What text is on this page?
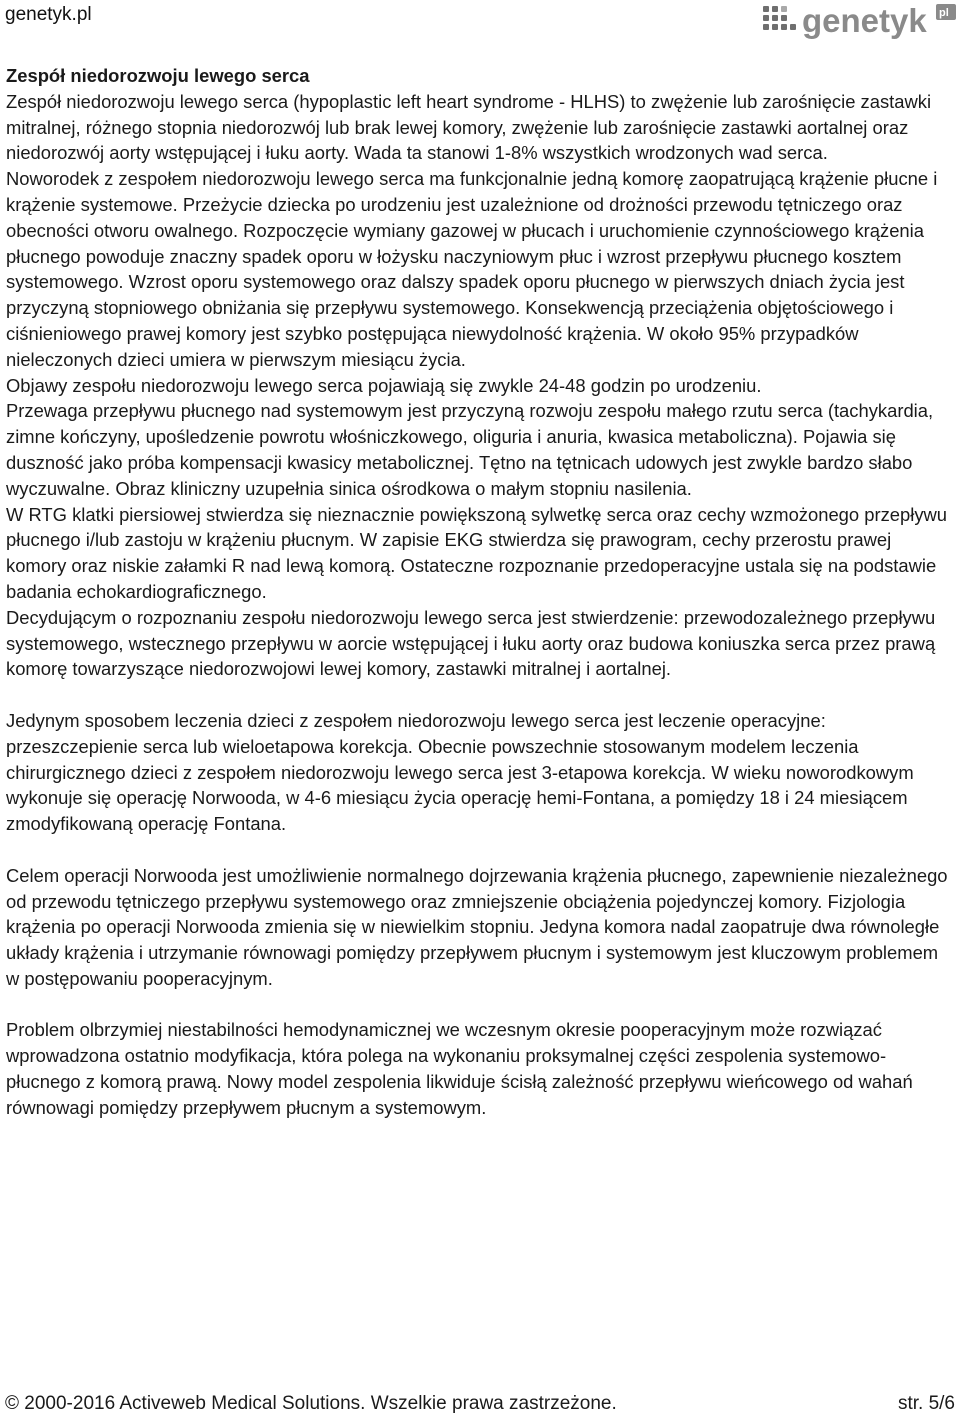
genetyk.pl	genetyk pl
Zespół niedorozwoju lewego serca

Zespół niedorozwoju lewego serca (hypoplastic left heart syndrome - HLHS) to zwężenie lub zarośnięcie zastawki mitralnej, różnego stopnia niedorozwój lub brak lewej komory, zwężenie lub zarośnięcie zastawki aortalnej oraz niedorozwój aorty wstępującej i łuku aorty. Wada ta stanowi 1-8% wszystkich wrodzonych wad serca.

Noworodek z zespołem niedorozwoju lewego serca ma funkcjonalnie jedną komorę zaopatrującą krążenie płucne i krążenie systemowe. Przeżycie dziecka po urodzeniu jest uzależnione od drożności przewodu tętniczego oraz obecności otworu owalnego. Rozpoczęcie wymiany gazowej w płucach i uruchomienie czynnościowego krążenia płucnego powoduje znaczny spadek oporu w łożysku naczyniowym płuc i wzrost przepływu płucnego kosztem systemowego. Wzrost oporu systemowego oraz dalszy spadek oporu płucnego w pierwszych dniach życia jest przyczyną stopniowego obniżania się przepływu systemowego. Konsekwencją przeciążenia objętościowego i ciśnieniowego prawej komory jest szybko postępująca niewydolność krążenia. W około 95% przypadków nieleczonych dzieci umiera w pierwszym miesiącu życia.

Objawy zespołu niedorozwoju lewego serca pojawiają się zwykle 24-48 godzin po urodzeniu.

Przewaga przepływu płucnego nad systemowym jest przyczyną rozwoju zespołu małego rzutu serca (tachykardia, zimne kończyny, upośledzenie powrotu włośniczkowego, oliguria i anuria, kwasica metaboliczna). Pojawia się duszność jako próba kompensacji kwasicy metabolicznej. Tętno na tętnicach udowych jest zwykle bardzo słabo wyczuwalne. Obraz kliniczny uzupełnia sinica ośrodkowa o małym stopniu nasilenia.

W RTG klatki piersiowej stwierdza się nieznacznie powiększoną sylwetkę serca oraz cechy wzmożonego przepływu płucnego i/lub zastoju w krążeniu płucnym. W zapisie EKG stwierdza się prawogram, cechy przerostu prawej komory oraz niskie załamki R nad lewą komorą. Ostateczne rozpoznanie przedoperacyjne ustala się na podstawie badania echokardiograficznego.

Decydującym o rozpoznaniu zespołu niedorozwoju lewego serca jest stwierdzenie: przewodozależnego przepływu systemowego, wstecznego przepływu w aorcie wstępującej i łuku aorty oraz budowa koniuszka serca przez prawą komorę towarzyszące niedorozwojowi lewej komory, zastawki mitralnej i aortalnej.

Jedynym sposobem leczenia dzieci z zespołem niedorozwoju lewego serca jest leczenie operacyjne: przeszczepienie serca lub wieloetapowa korekcja. Obecnie powszechnie stosowanym modelem leczenia chirurgicznego dzieci z zespołem niedorozwoju lewego serca jest 3-etapowa korekcja. W wieku noworodkowym wykonuje się operację Norwooda, w 4-6 miesiącu życia operację hemi-Fontana, a pomiędzy 18 i 24 miesiącem zmodyfikowaną operację Fontana.

Celem operacji Norwooda jest umożliwienie normalnego dojrzewania krążenia płucnego, zapewnienie niezależnego od przewodu tętniczego przepływu systemowego oraz zmniejszenie obciążenia pojedynczej komory. Fizjologia krążenia po operacji Norwooda zmienia się w niewielkim stopniu. Jedyna komora nadal zaopatruje dwa równoległe układy krążenia i utrzymanie równowagi pomiędzy przepływem płucnym i systemowym jest kluczowym problemem w postępowaniu pooperacyjnym.

Problem olbrzymiej niestabilności hemodynamicznej we wczesnym okresie pooperacyjnym może rozwiązać wprowadzona ostatnio modyfikacja, która polega na wykonaniu proksymalnej części zespolenia systemowo-płucnego z komorą prawą. Nowy model zespolenia likwiduje ścisłą zależność przepływu wieńcowego od wahań równowagi pomiędzy przepływem płucnym a systemowym.

© 2000-2016 Activeweb Medical Solutions. Wszelkie prawa zastrzeżone.	str. 5/6
